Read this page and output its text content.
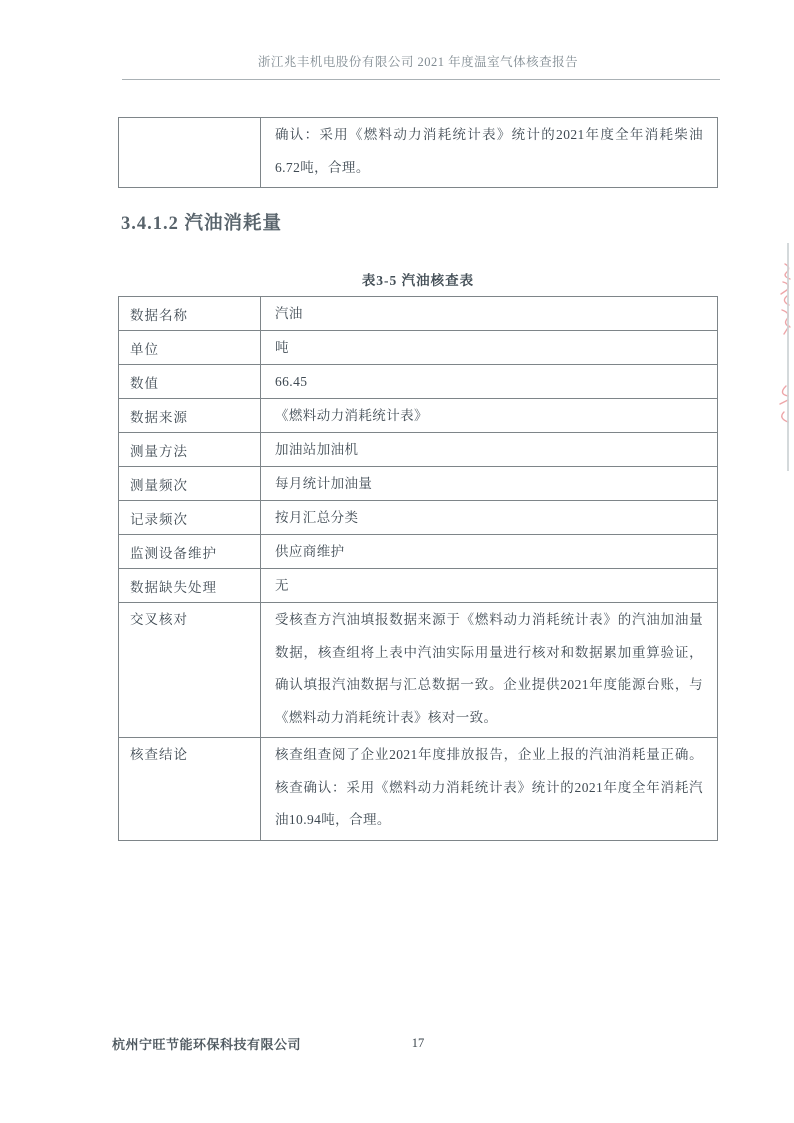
浙江兆丰机电股份有限公司 2021 年度温室气体核查报告
	确认：采用《燃料动力消耗统计表》统计的2021年度全年消耗柴油6.72吨，合理。
3.4.1.2 汽油消耗量
表3-5 汽油核查表
数据名称	汽油
单位	吨
数值	66.45
数据来源	《燃料动力消耗统计表》
测量方法	加油站加油机
测量频次	每月统计加油量
记录频次	按月汇总分类
监测设备维护	供应商维护
数据缺失处理	无
交叉核对	受核查方汽油填报数据来源于《燃料动力消耗统计表》的汽油加油量数据，核查组将上表中汽油实际用量进行核对和数据累加重算验证，确认填报汽油数据与汇总数据一致。企业提供2021年度能源台账，与《燃料动力消耗统计表》核对一致。
核查结论	核查组查阅了企业2021年度排放报告，企业上报的汽油消耗量正确。核查确认：采用《燃料动力消耗统计表》统计的2021年度全年消耗汽油10.94吨，合理。
杭州宁旺节能环保科技有限公司	17
